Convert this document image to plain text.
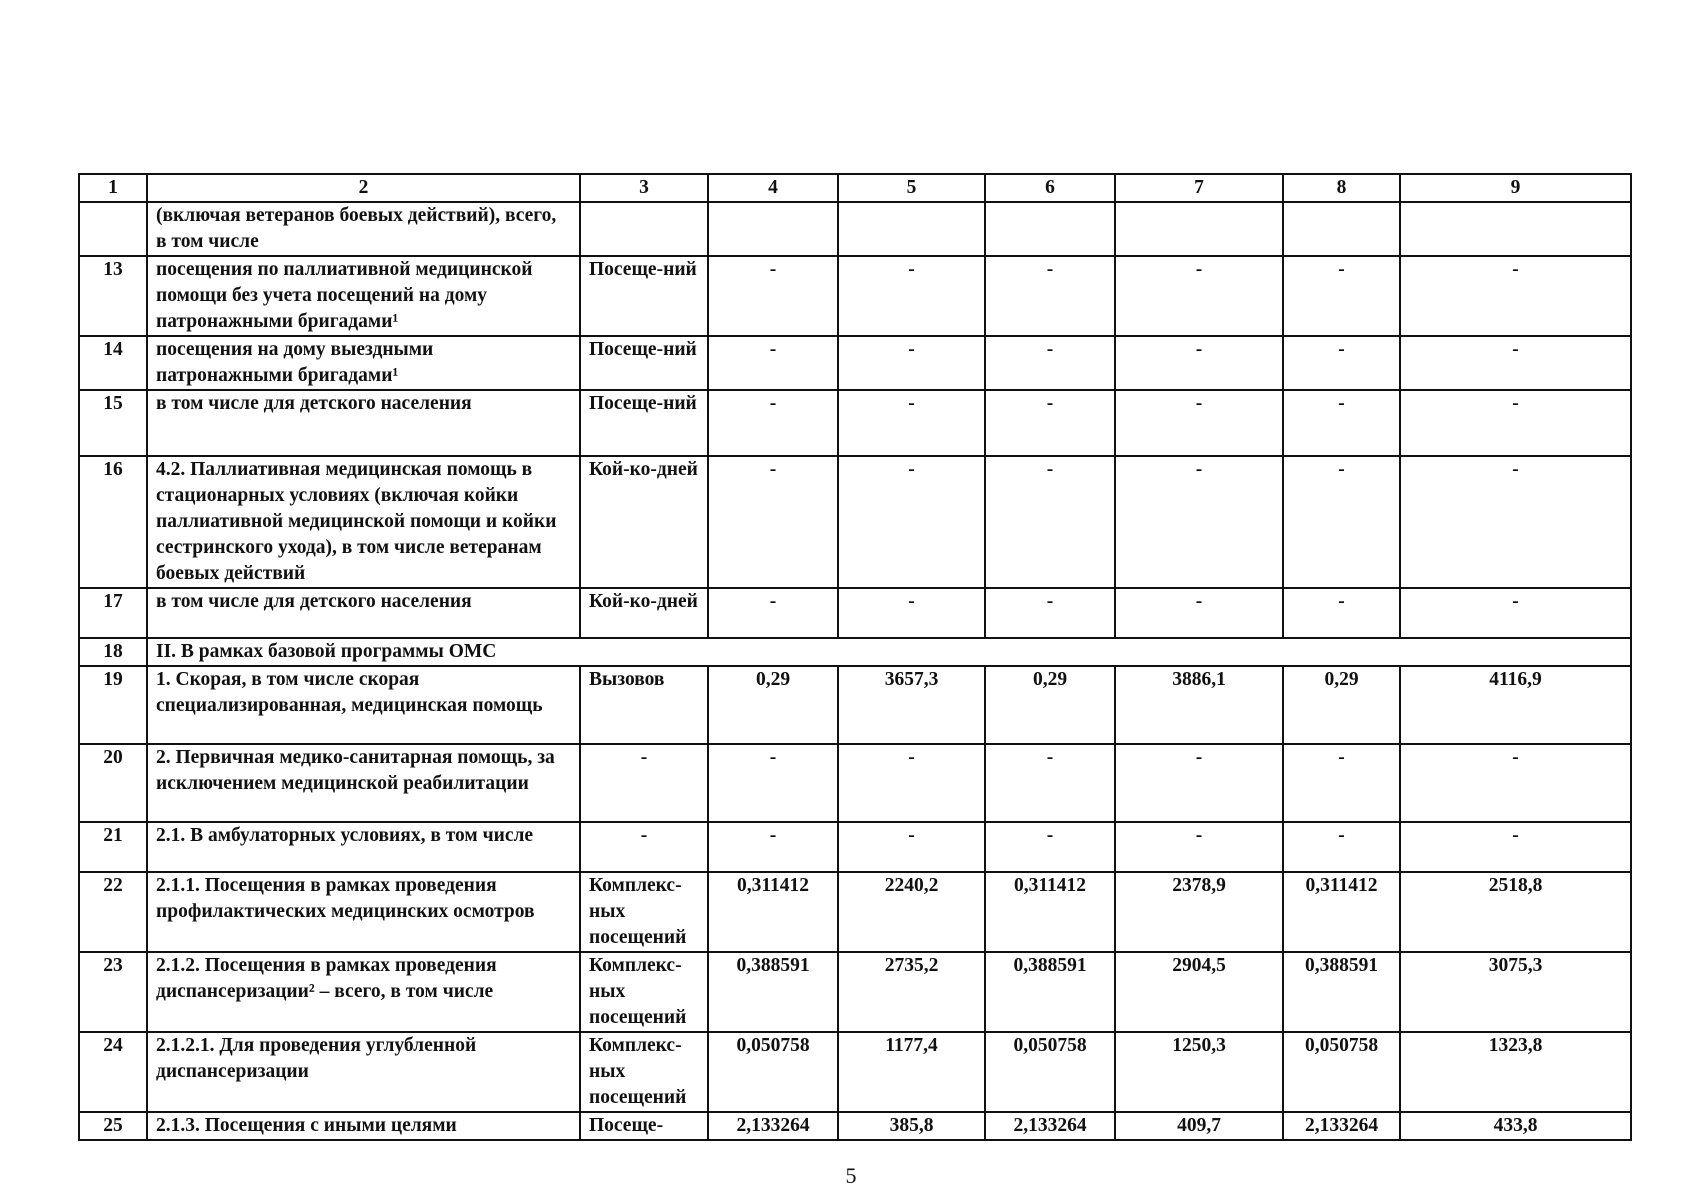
1	2	3	4	5	6	7	8	9
	(включая ветеранов боевых действий), всего, в том числе							
13	посещения по паллиативной медицинской помощи без учета посещений на дому патронажными бригадами¹	Посеще-ний	-	-	-	-	-	-
14	посещения на дому выездными патронажными бригадами¹	Посеще-ний	-	-	-	-	-	-
15	в том числе для детского населения	Посеще-ний	-	-	-	-	-	-
16	4.2. Паллиативная медицинская помощь в стационарных условиях (включая койки паллиативной медицинской помощи и койки сестринского ухода), в том числе ветеранам боевых действий	Кой-ко-дней	-	-	-	-	-	-
17	в том числе для детского населения	Кой-ко-дней	-	-	-	-	-	-
18	II. В рамках базовой программы ОМС							
19	1. Скорая, в том числе скорая специализированная, медицинская помощь	Вызовов	0,29	3657,3	0,29	3886,1	0,29	4116,9
20	2. Первичная медико-санитарная помощь, за исключением медицинской реабилитации	-	-	-	-	-	-	-
21	2.1. В амбулаторных условиях, в том числе	-	-	-	-	-	-	-
22	2.1.1. Посещения в рамках проведения профилактических медицинских осмотров	Комплекс-ных посещений	0,311412	2240,2	0,311412	2378,9	0,311412	2518,8
23	2.1.2. Посещения в рамках проведения диспансеризации² – всего, в том числе	Комплекс-ных посещений	0,388591	2735,2	0,388591	2904,5	0,388591	3075,3
24	2.1.2.1. Для проведения углубленной диспансеризации	Комплекс-ных посещений	0,050758	1177,4	0,050758	1250,3	0,050758	1323,8
25	2.1.3. Посещения с иными целями	Посеще-	2,133264	385,8	2,133264	409,7	2,133264	433,8
5
